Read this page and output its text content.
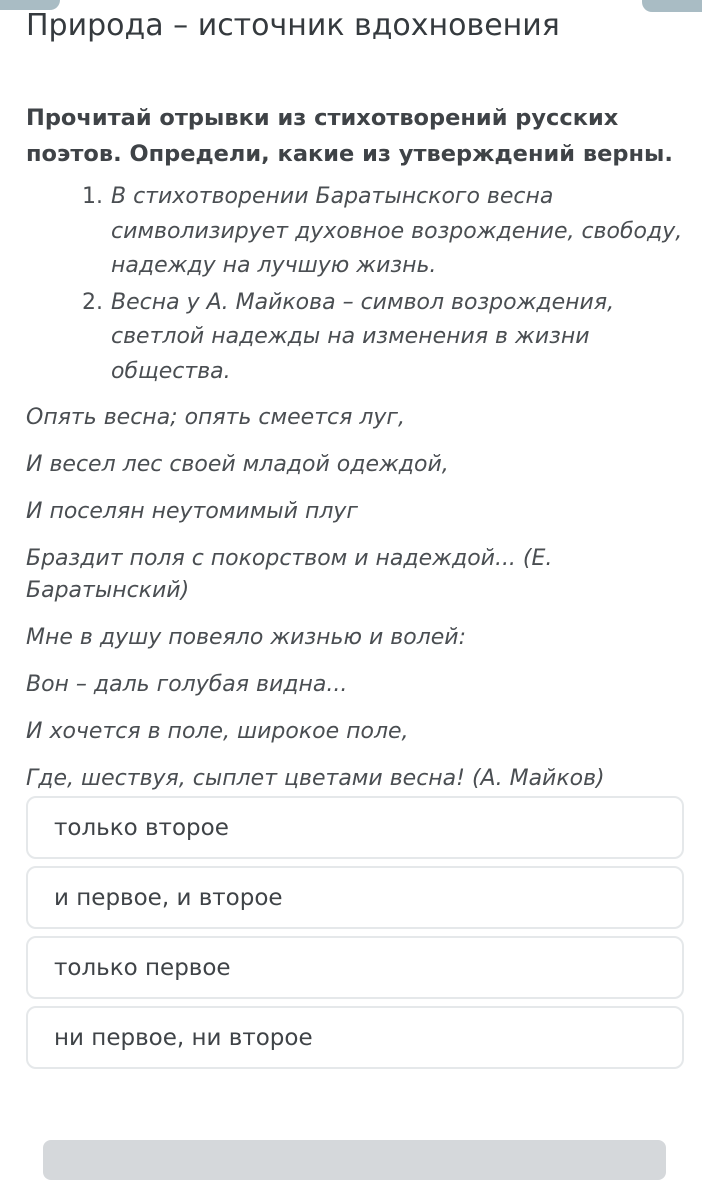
Природа – источник вдохновения
Прочитай отрывки из стихотворений русских поэтов. Определи, какие из утверждений верны.
1. В стихотворении Баратынского весна символизирует духовное возрождение, свободу, надежду на лучшую жизнь.
2. Весна у А. Майкова – символ возрождения, светлой надежды на изменения в жизни общества.
Опять весна; опять смеется луг,
И весел лес своей младой одеждой,
И поселян неутомимый плуг
Браздит поля с покорством и надеждой... (Е. Баратынский)
Мне в душу повеяло жизнью и волей:
Вон – даль голубая видна...
И хочется в поле, широкое поле,
Где, шествуя, сыплет цветами весна! (А. Майков)
только второе
и первое, и второе
только первое
ни первое, ни второе
